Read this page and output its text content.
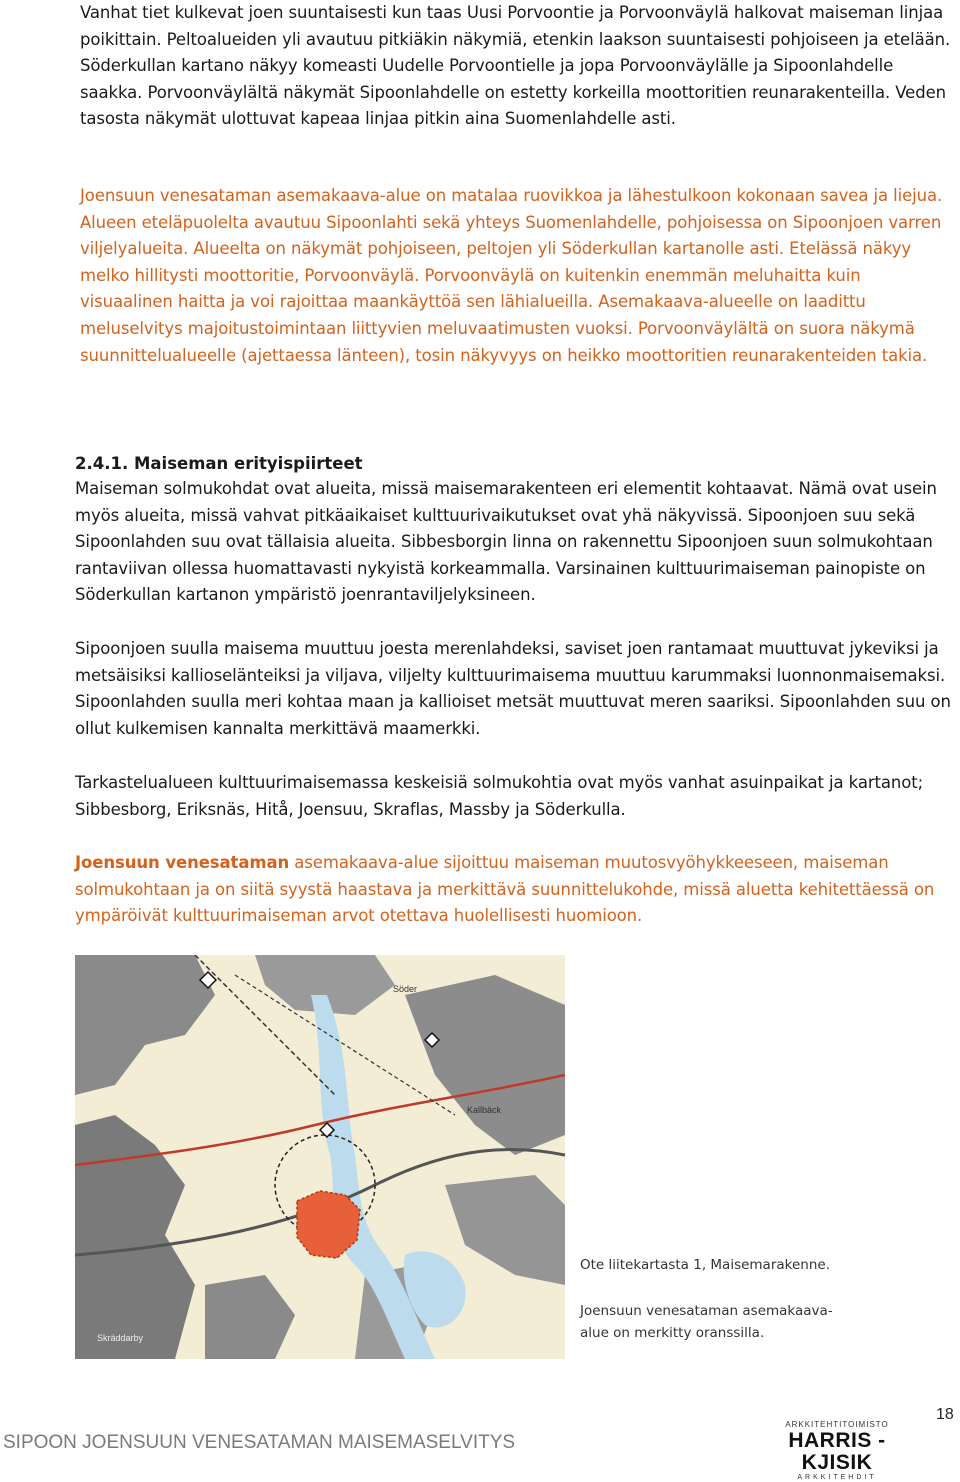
Vanhat tiet kulkevat joen suuntaisesti kun taas Uusi Porvoontie ja Porvoonväylä halkovat maiseman linjaa poikittain. Peltoalueiden yli avautuu pitkiäkin näkymiä, etenkin laakson suuntaisesti pohjoiseen ja etelään. Söderkullan kartano näkyy komeasti Uudelle Porvoontielle ja jopa Porvoonväylälle ja Sipoonlahdelle saakka. Porvoonväylältä näkymät Sipoonlahdelle on estetty korkeilla moottoritien reunarakenteilla. Veden tasosta näkymät ulottuvat kapeaa linjaa pitkin aina Suomenlahdelle asti.
Joensuun venesataman asemakaava-alue on matalaa ruovikkoa ja lähestulkoon kokonaan savea ja liejua. Alueen eteläpuolelta avautuu Sipoonlahti sekä yhteys Suomenlahdelle, pohjoisessa on Sipoonjoen varren viljelyalueita. Alueelta on näkymät pohjoiseen, peltojen yli Söderkullan kartanolle asti. Etelässä näkyy melko hillitysti moottoritie, Porvoonväylä. Porvoonväylä on kuitenkin enemmän meluhaitta kuin visuaalinen haitta ja voi rajoittaa maankäyttöä sen lähialueilla. Asemakaava-alueelle on laadittu meluselvitys majoitustoimintaan liittyvien meluvaatimusten vuoksi. Porvoonväylältä on suora näkymä suunnittelualueelle (ajettaessa länteen), tosin näkyvyys on heikko moottoritien reunarakenteiden takia.
2.4.1. Maiseman erityispiirteet
Maiseman solmukohdat ovat alueita, missä maisemarakenteen eri elementit kohtaavat. Nämä ovat usein myös alueita, missä vahvat pitkäaikaiset kulttuurivaikutukset ovat yhä näkyvissä. Sipoonjoen suu sekä Sipoonlahden suu ovat tällaisia alueita. Sibbesborgin linna on rakennettu Sipoonjoen suun solmukohtaan rantaviivan ollessa huomattavasti nykyistä korkeammalla. Varsinainen kulttuurimaiseman painopiste on Söderkullan kartanon ympäristö joenrantaviljelyksineen.
Sipoonjoen suulla maisema muuttuu joesta merenlahdeksi, saviset joen rantamaat muuttuvat jykeviksi ja metsäisiksi kallioselänteiksi ja viljava, viljelty kulttuurimaisema muuttuu karummaksi luonnonmaisemaksi. Sipoonlahden suulla meri kohtaa maan ja kallioiset metsät muuttuvat meren saariksi. Sipoonlahden suu on ollut kulkemisen kannalta merkittävä maamerkki.
Tarkastelualueen kulttuurimaisemassa keskeisiä solmukohtia ovat myös vanhat asuinpaikat ja kartanot; Sibbesborg, Eriksnäs, Hitå, Joensuu, Skraflas, Massby ja Söderkulla.
Joensuun venesataman asemakaava-alue sijoittuu maiseman muutosvyöhykkeeseen, maiseman solmukohtaan ja on siitä syystä haastava ja merkittävä suunnittelukohde, missä aluetta kehitettäessä on ympäröivät kulttuurimaiseman arvot otettava huolellisesti huomioon.
Söder
Kallbäck
Skräddarby
Ote liitekartasta 1, Maisemarakenne.
Joensuun venesataman asemakaava-alue on merkitty oranssilla.
SIPOON JOENSUUN VENESATAMAN MAISEMASELVITYS
18
ARKKITEHTITOIMISTO
HARRIS - KJISIK
ARKKITEHDIT
